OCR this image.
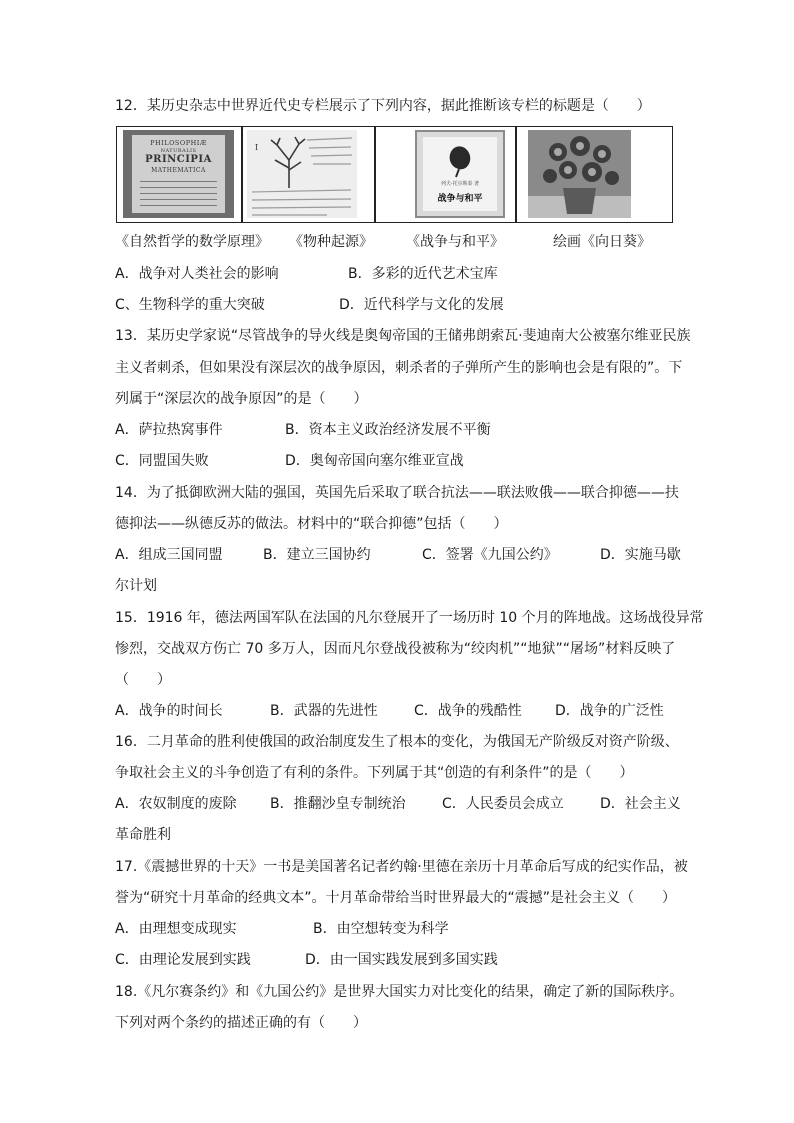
12．某历史杂志中世界近代史专栏展示了下列内容，据此推断该专栏的标题是（　　）
PHILOSOPHIÆ
NATURALIS
PRINCIPIA
MATHEMATICA
I
列夫·托尔斯泰 著
战争与和平
《自然哲学的数学原理》 《物种起源》 《战争与和平》	绘画《向日葵》
A．战争对人类社会的影响	B．多彩的近代艺术宝库
C、生物科学的重大突破	D．近代科学与文化的发展
13．某历史学家说“尽管战争的导火线是奥匈帝国的王储弗朗索瓦·斐迪南大公被塞尔维亚民族
主义者刺杀，但如果没有深层次的战争原因，刺杀者的子弹所产生的影响也会是有限的”。下
列属于“深层次的战争原因”的是（　　）
A．萨拉热窝事件	B．资本主义政治经济发展不平衡
C．同盟国失败	D．奥匈帝国向塞尔维亚宣战
14．为了抵御欧洲大陆的强国，英国先后采取了联合抗法——联法败俄——联合抑德——扶
德抑法——纵德反苏的做法。材料中的“联合抑德”包括（　　）
A．组成三国同盟	B．建立三国协约	C．签署《九国公约》	D．实施马歇
尔计划
15．1916 年，德法两国军队在法国的凡尔登展开了一场历时 10 个月的阵地战。这场战役异常
惨烈，交战双方伤亡 70 多万人，因而凡尔登战役被称为“绞肉机”“地狱”“屠场”材料反映了
（　　）
A．战争的时间长	B．武器的先进性	C．战争的残酷性 D．战争的广泛性
16．二月革命的胜利使俄国的政治制度发生了根本的变化，为俄国无产阶级反对资产阶级、
争取社会主义的斗争创造了有利的条件。下列属于其“创造的有利条件”的是（　　）
A．农奴制度的废除 B．推翻沙皇专制统治	C．人民委员会成立	D．社会主义
革命胜利
17.《震撼世界的十天》一书是美国著名记者约翰·里德在亲历十月革命后写成的纪实作品，被
誉为“研究十月革命的经典文本”。十月革命带给当时世界最大的“震撼”是社会主义（　　）
A．由理想变成现实	B．由空想转变为科学
C．由理论发展到实践	D．由一国实践发展到多国实践
18.《凡尔赛条约》和《九国公约》是世界大国实力对比变化的结果，确定了新的国际秩序。
下列对两个条约的描述正确的有（　　）
